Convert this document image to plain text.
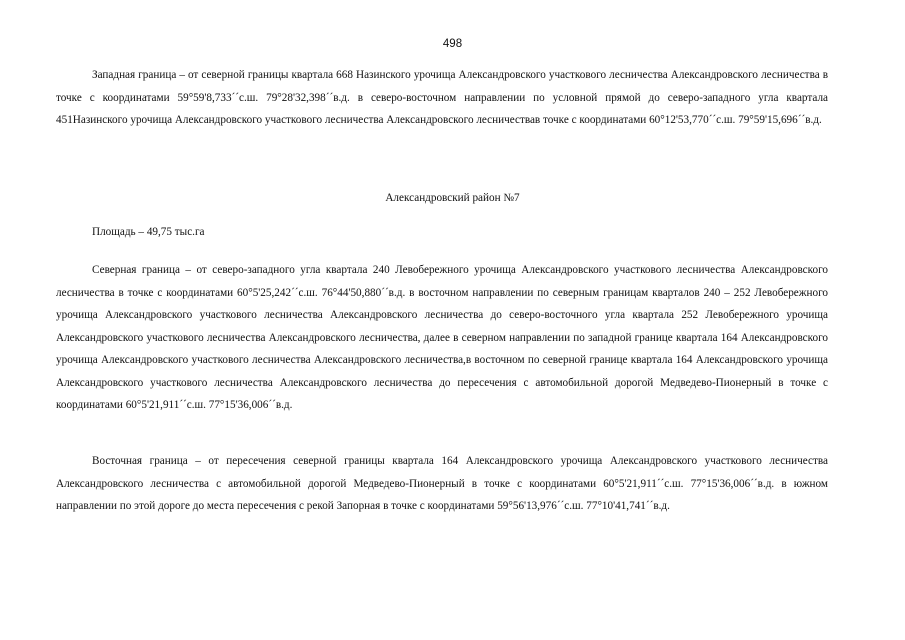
498

Западная граница – от северной границы квартала 668 Назинского урочища Александровского участкового лесничества Александровского лесничества в точке с координатами 59°59'8,733´´с.ш. 79°28'32,398´´в.д. в северо-восточном направлении по условной прямой до северо-западного угла квартала 451Назинского урочища Александровского участкового лесничества Александровского лесничествав точке с координатами 60°12'53,770´´с.ш. 79°59'15,696´´в.д.

Александровский район №7

Площадь – 49,75 тыс.га

Северная граница – от северо-западного угла квартала 240 Левобережного урочища Александровского участкового лесничества Александровского лесничества в точке с координатами 60°5'25,242´´с.ш. 76°44'50,880´´в.д. в восточном направлении по северным границам кварталов 240 – 252 Левобережного урочища Александровского участкового лесничества Александровского лесничества до северо-восточного угла квартала 252 Левобережного урочища Александровского участкового лесничества Александровского лесничества, далее в северном направлении по западной границе квартала 164 Александровского урочища Александровского участкового лесничества Александровского лесничества,в восточном по северной границе квартала 164 Александровского урочища Александровского участкового лесничества Александровского лесничества до пересечения с автомобильной дорогой Медведево-Пионерный в точке с координатами 60°5'21,911´´с.ш. 77°15'36,006´´в.д.

Восточная граница – от пересечения северной границы квартала 164 Александровского урочища Александровского участкового лесничества Александровского лесничества с автомобильной дорогой Медведево-Пионерный в точке с координатами 60°5'21,911´´с.ш. 77°15'36,006´´в.д. в южном направлении по этой дороге до места пересечения с рекой Запорная в точке с координатами 59°56'13,976´´с.ш. 77°10'41,741´´в.д.
